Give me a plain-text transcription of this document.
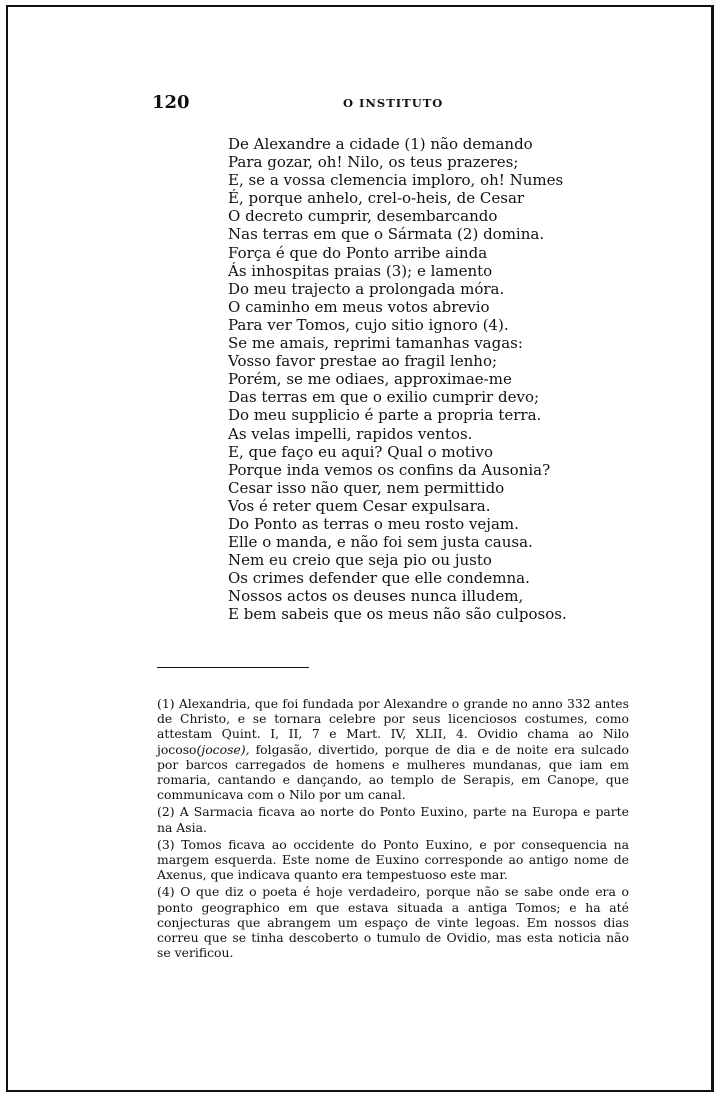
120	O INSTITUTO
De Alexandre a cidade (1) não demando
Para gozar, oh! Nilo, os teus prazeres;
E, se a vossa clemencia imploro, oh! Numes
É, porque anhelo, crel-o-heis, de Cesar
O decreto cumprir, desembarcando
Nas terras em que o Sármata (2) domina.
Força é que do Ponto arribe ainda
Ás inhospitas praias (3); e lamento
Do meu trajecto a prolongada móra.
O caminho em meus votos abrevio
Para ver Tomos, cujo sitio ignoro (4).
Se me amais, reprimi tamanhas vagas:
Vosso favor prestae ao fragil lenho;
Porém, se me odiaes, approximae-me
Das terras em que o exilio cumprir devo;
Do meu supplicio é parte a propria terra.
As velas impelli, rapidos ventos.
E, que faço eu aqui? Qual o motivo
Porque inda vemos os confins da Ausonia?
Cesar isso não quer, nem permittido
Vos é reter quem Cesar expulsara.
Do Ponto as terras o meu rosto vejam.
Elle o manda, e não foi sem justa causa.
Nem eu creio que seja pio ou justo
Os crimes defender que elle condemna.
Nossos actos os deuses nunca illudem,
E bem sabeis que os meus não são culposos.

(1) Alexandria, que foi fundada por Alexandre o grande no anno 332 antes de Christo, e se tornara celebre por seus licenciosos costumes, como attestam Quint. I, II, 7 e Mart. IV, XLII, 4. Ovidio chama ao Nilo jocoso(jocose), folgasão, divertido, porque de dia e de noite era sulcado por barcos carregados de homens e mulheres mundanas, que iam em romaria, cantando e dançando, ao templo de Serapis, em Canope, que communicava com o Nilo por um canal.

(2) A Sarmacia ficava ao norte do Ponto Euxino, parte na Europa e parte na Asia.

(3) Tomos ficava ao occidente do Ponto Euxino, e por consequencia na margem esquerda. Este nome de Euxino corresponde ao antigo nome de Axenus, que indicava quanto era tempestuoso este mar.

(4) O que diz o poeta é hoje verdadeiro, porque não se sabe onde era o ponto geographico em que estava situada a antiga Tomos; e ha até conjecturas que abrangem um espaço de vinte legoas. Em nossos dias correu que se tinha descoberto o tumulo de Ovidio, mas esta noticia não se verificou.
